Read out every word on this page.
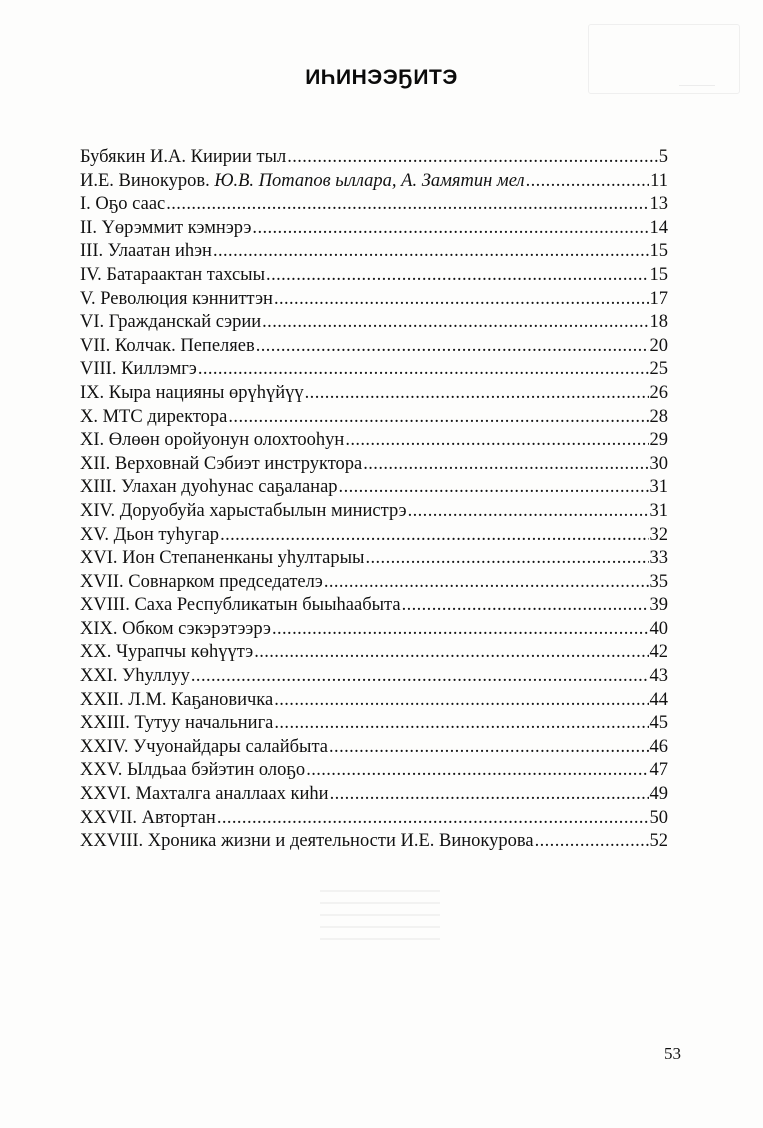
ИҺИНЭЭҔИТЭ
Бубякин И.А. Киирии тыл .....	5
И.Е. Винокуров. Ю.В. Потапов ыллара, А. Замятин мел .....	11
I. Оҕо саас .....	13
II. Үөрэммит кэмнэрэ .....	14
III. Улаатан иһэн .....	15
IV. Батараактан тахсыы .....	15
V. Революция кэнниттэн .....	17
VI. Гражданскай сэрии .....	18
VII. Колчак. Пепеляев .....	20
VIII. Киллэмгэ .....	25
IX. Кыра нацияны өрүһүйүү .....	26
X. МТС директора .....	28
XI. Өлөөн оройуонун олохтооһун .....	29
XII. Верховнай Сэбиэт инструктора .....	30
XIII. Улахан дуоһунас саҕаланар .....	31
XIV. Доруобуйа харыстабылын министрэ .....	31
XV. Дьон туһугар .....	32
XVI. Ион Степаненканы уһултарыы .....	33
XVII. Совнарком председателэ .....	35
XVIII. Саха Республикатын быыһаабыта .....	39
XIX. Обком сэкэрэтээрэ .....	40
XX. Чурапчы көһүүтэ .....	42
XXI. Уһуллуу .....	43
XXII. Л.М. Каҕановичка .....	44
XXIII. Тутуу начальнига .....	45
XXIV. Учуонайдары салайбыта .....	46
XXV. Ылдьаа бэйэтин олоҕо .....	47
XXVI. Махталга аналлаах киһи .....	49
XXVII. Автортан .....	50
XXVIII. Хроника жизни и деятельности И.Е. Винокурова .....	52
53
